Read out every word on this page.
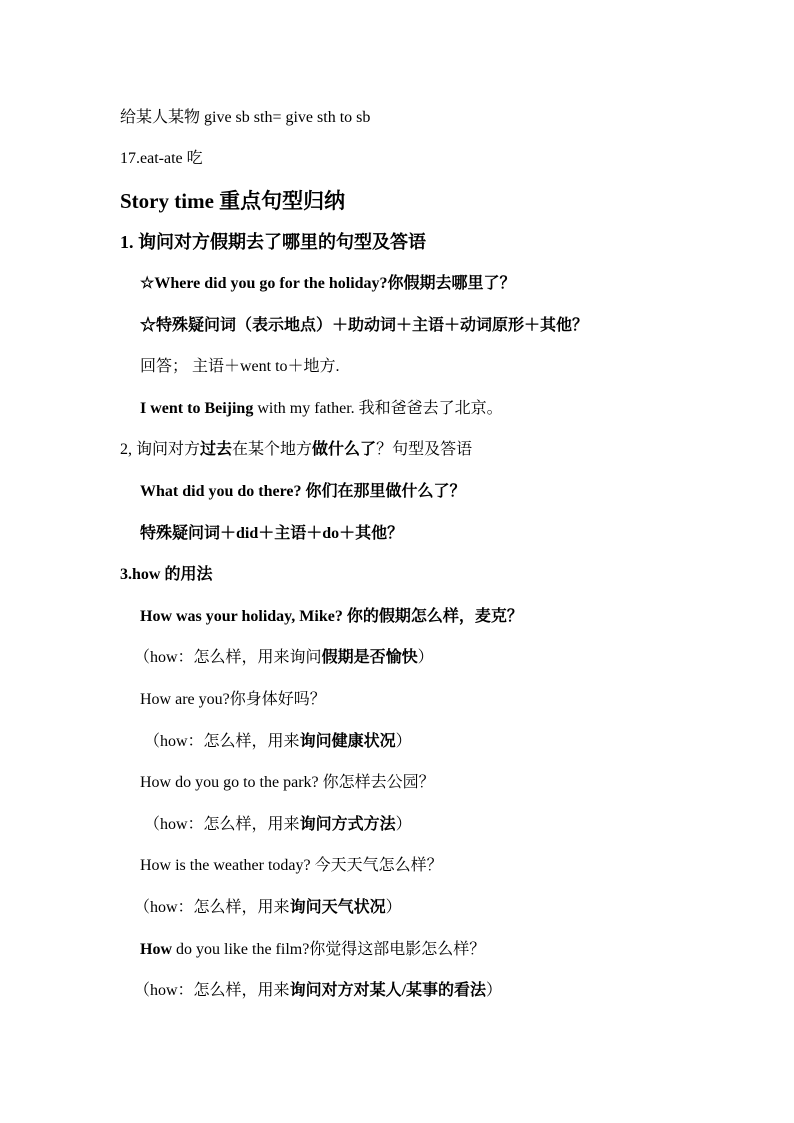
给某人某物 give sb sth= give sth to sb
17.eat-ate 吃
Story time 重点句型归纳
1. 询问对方假期去了哪里的句型及答语
☆Where did you go for the holiday?你假期去哪里了？
☆特殊疑问词（表示地点）＋助动词＋主语＋动词原形＋其他？
回答； 主语＋went to＋地方.
I went to Beijing with my father. 我和爸爸去了北京。
2, 询问对方过去在某个地方做什么了？句型及答语
What did you do there? 你们在那里做什么了？
特殊疑问词＋did＋主语＋do＋其他？
3.how 的用法
How was your holiday, Mike? 你的假期怎么样，麦克？
（how：怎么样，用来询问假期是否愉快）
How are you?你身体好吗？
（how：怎么样，用来询问健康状况）
How do you go to the park? 你怎样去公园？
（how：怎么样，用来询问方式方法）
How is the weather today? 今天天气怎么样？
（how：怎么样，用来询问天气状况）
How do you like the film?你觉得这部电影怎么样？
（how：怎么样，用来询问对方对某人/某事的看法）
